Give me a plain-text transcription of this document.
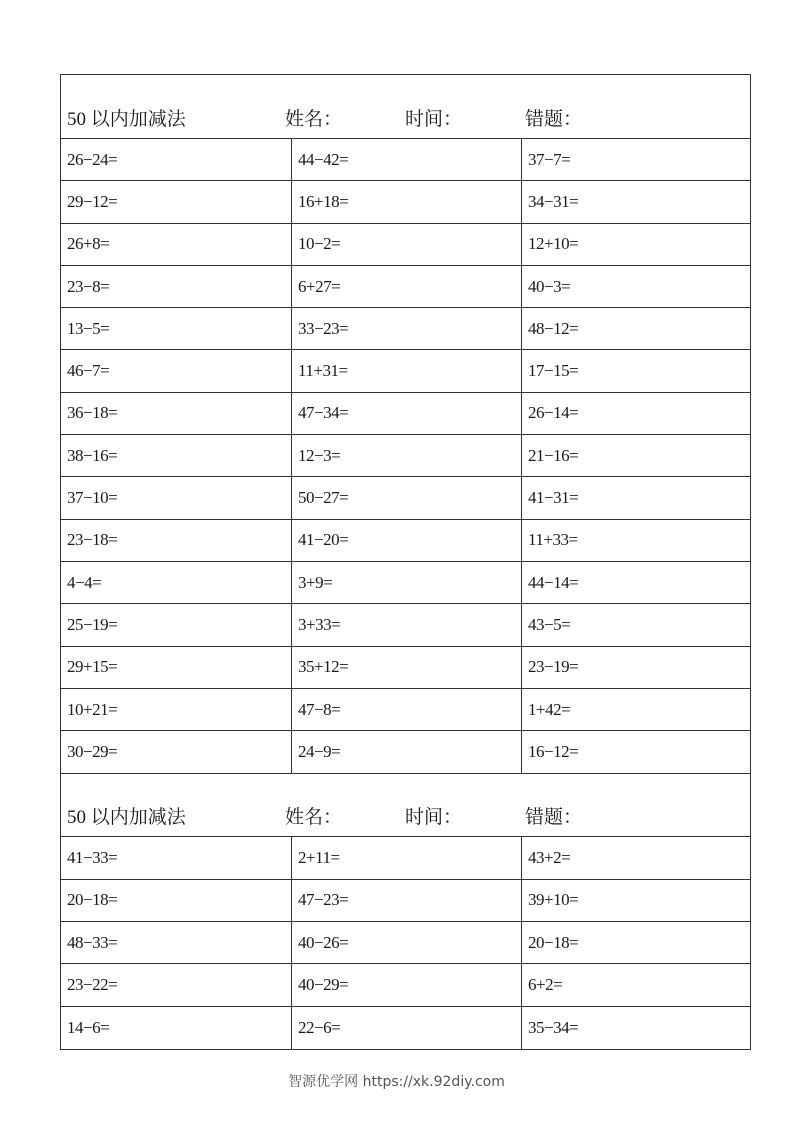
50 以内加减法	姓名：	时间：	错题：
26−24=	44−42=	37−7=
29−12=	16+18=	34−31=
26+8=	10−2=	12+10=
23−8=	6+27=	40−3=
13−5=	33−23=	48−12=
46−7=	11+31=	17−15=
36−18=	47−34=	26−14=
38−16=	12−3=	21−16=
37−10=	50−27=	41−31=
23−18=	41−20=	11+33=
4−4=	3+9=	44−14=
25−19=	3+33=	43−5=
29+15=	35+12=	23−19=
10+21=	47−8=	1+42=
30−29=	24−9=	16−12=
50 以内加减法	姓名：	时间：	错题：
41−33=	2+11=	43+2=
20−18=	47−23=	39+10=
48−33=	40−26=	20−18=
23−22=	40−29=	6+2=
14−6=	22−6=	35−34=
智源优学网 https://xk.92diy.com
